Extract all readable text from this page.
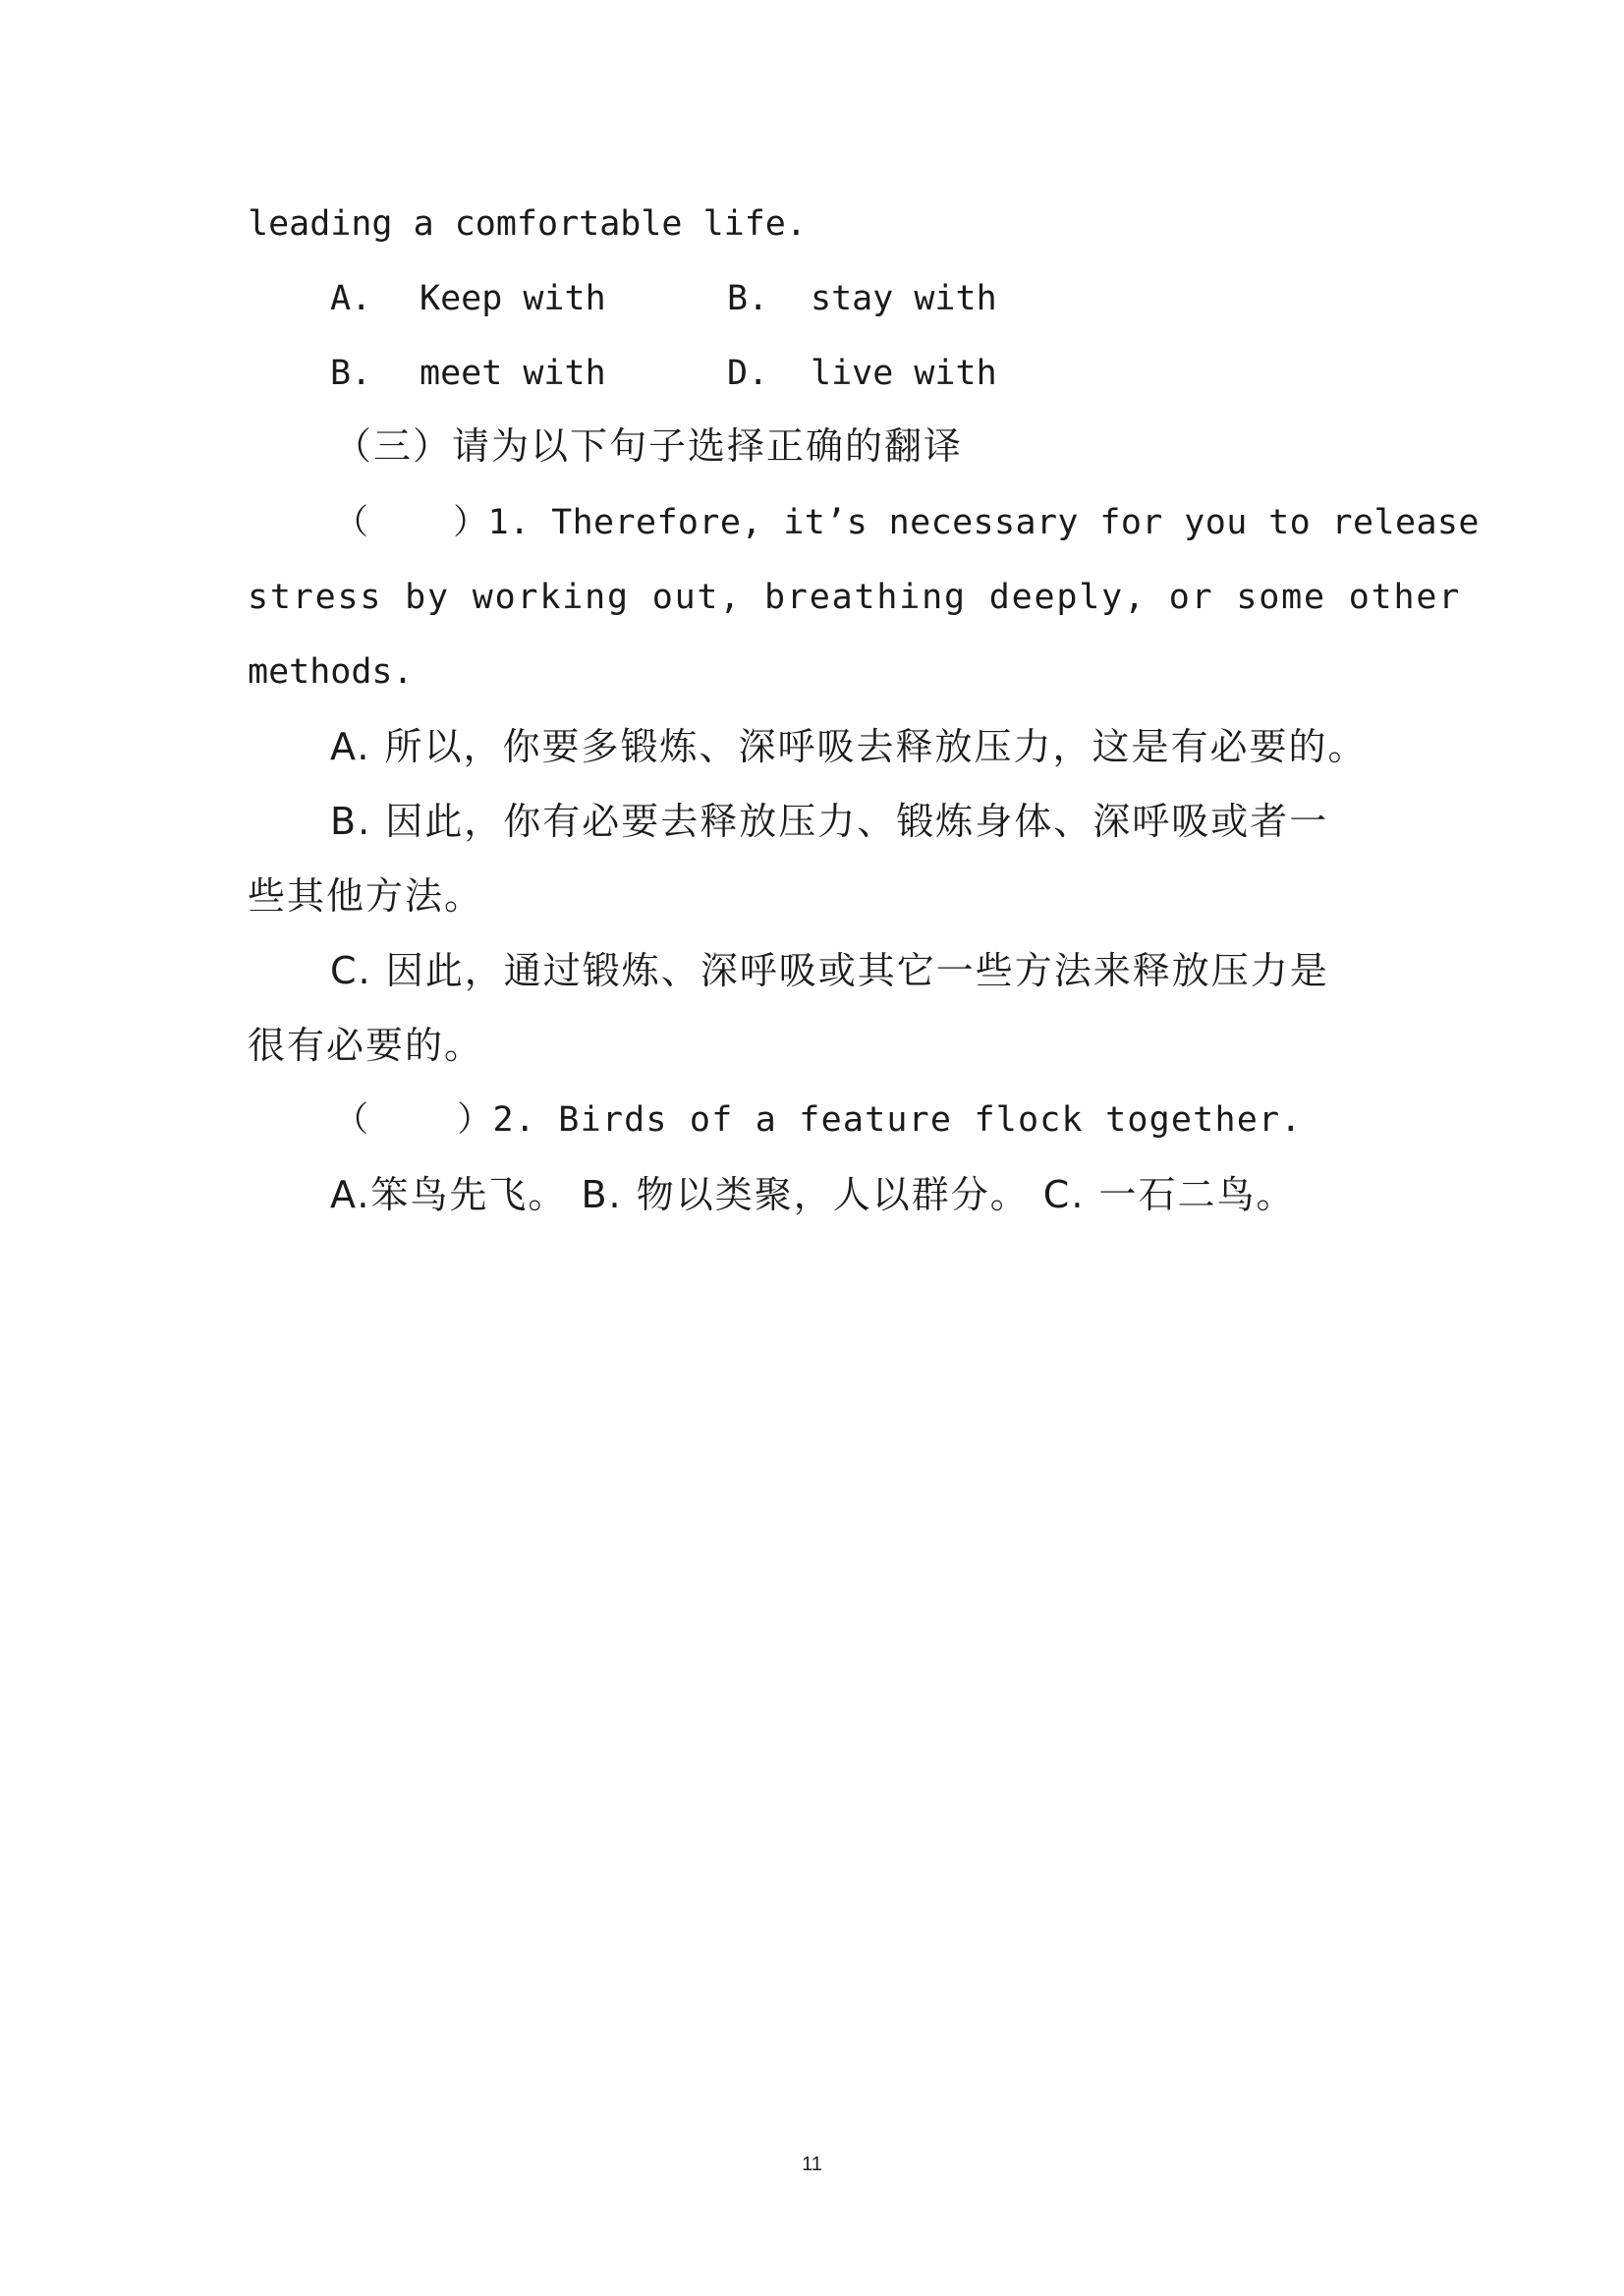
leading a comfortable life.

A.

Keep with

	B.

stay with

B.

meet with

	D.

live with

（三）请为以下句子选择正确的翻译
（    ）1. Therefore, it’s necessary for you to release
stress by working out, breathing deeply, or some other
methods.
A. 所以，你要多锻炼、深呼吸去释放压力，这是有必要的。
B. 因此，你有必要去释放压力、锻炼身体、深呼吸或者一
些其他方法。
C. 因此，通过锻炼、深呼吸或其它一些方法来释放压力是
很有必要的。
（    ）2. Birds of a feature flock together.
A.笨鸟先飞。 B. 物以类聚，人以群分。 C. 一石二鸟。
11
